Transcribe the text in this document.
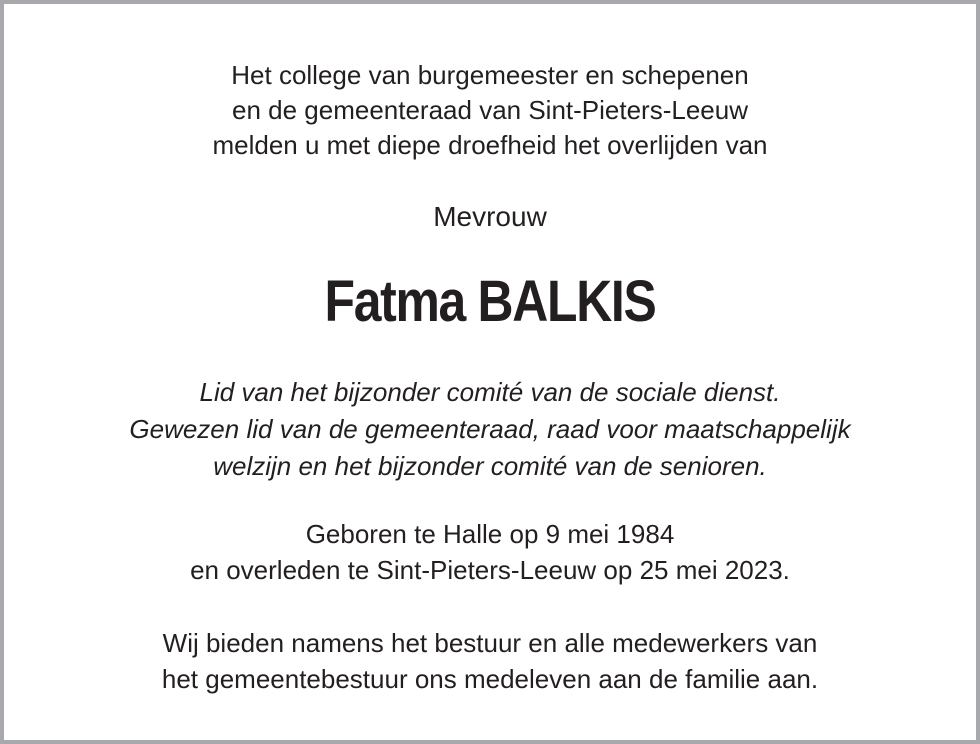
Het college van burgemeester en schepenen
en de gemeenteraad van Sint-Pieters-Leeuw
melden u met diepe droefheid het overlijden van
Mevrouw
Fatma BALKIS
Lid van het bijzonder comité van de sociale dienst.
Gewezen lid van de gemeenteraad, raad voor maatschappelijk
welzijn en het bijzonder comité van de senioren.
Geboren te Halle op 9 mei 1984
en overleden te Sint-Pieters-Leeuw op 25 mei 2023.
Wij bieden namens het bestuur en alle medewerkers van
het gemeentebestuur ons medeleven aan de familie aan.
